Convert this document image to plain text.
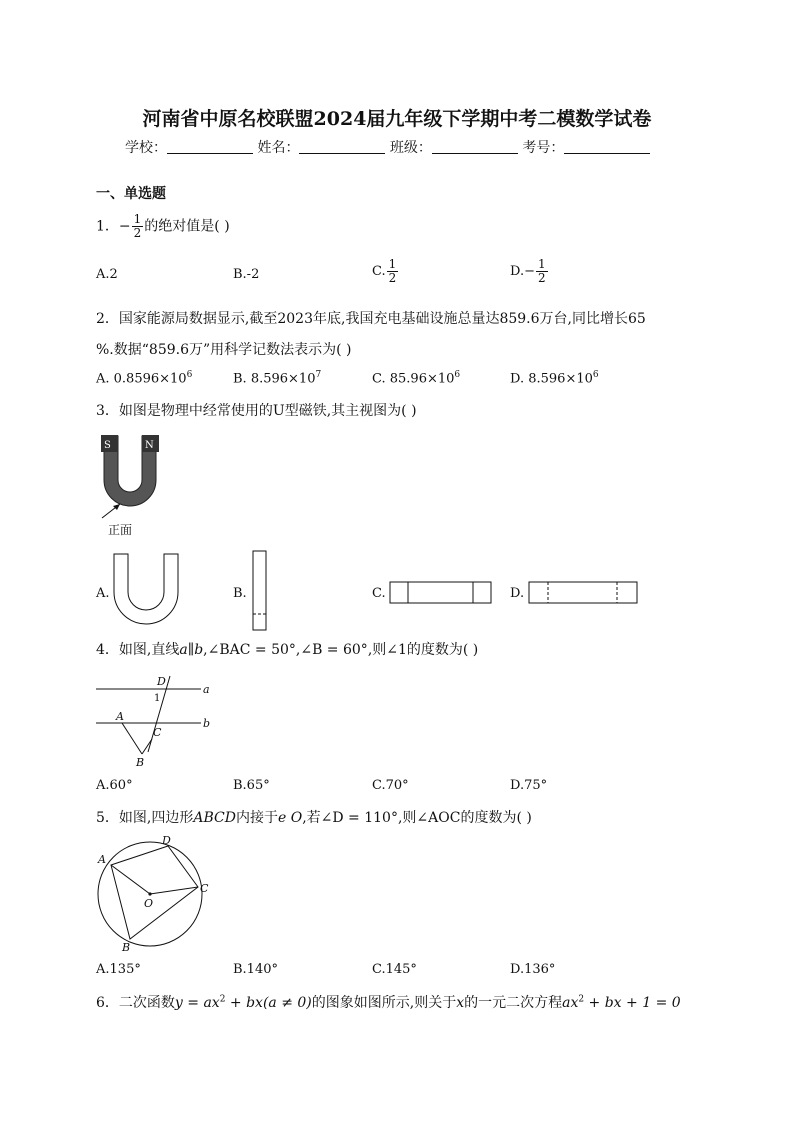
河南省中原名校联盟2024届九年级下学期中考二模数学试卷
学校：	姓名：	班级：	考号：
一、单选题
1．− $\frac{1}{2}$ 的绝对值是( )
A.2	B.-2	C. $\frac{1}{2}$	$D.- \frac{1}{2}$
2．国家能源局数据显示,截至2023年底,我国充电基础设施总量达859.6万台,同比增长65
%.数据“859.6万”用科学记数法表示为( )
A. $0.8596\times 10^6$	B. $8.596\times 10^7$	C. $85.96\times 10^6$	D. $8.596\times 10^6$
3．如图是物理中经常使用的U型磁铁,其主视图为( )
S	N
正面
A.	B.	C.	D.
4．如图,直线a∥b,∠BAC = 50°,∠B = 60°,则∠1的度数为( )
D
1
a
A
C
b
B
A.60°	B.65°	C.70°	D.75°
5．如图,四边形ABCD内接于e O,若∠D = 110°,则∠AOC的度数为( )
A
D
C
O
B
A.135°	B.140°	C.145°	D.136°
6．二次函数$y = ax^2 + bx(a \ne 0)$的图象如图所示,则关于x的一元二次方程$ax^2$ + bx + 1 = 0
